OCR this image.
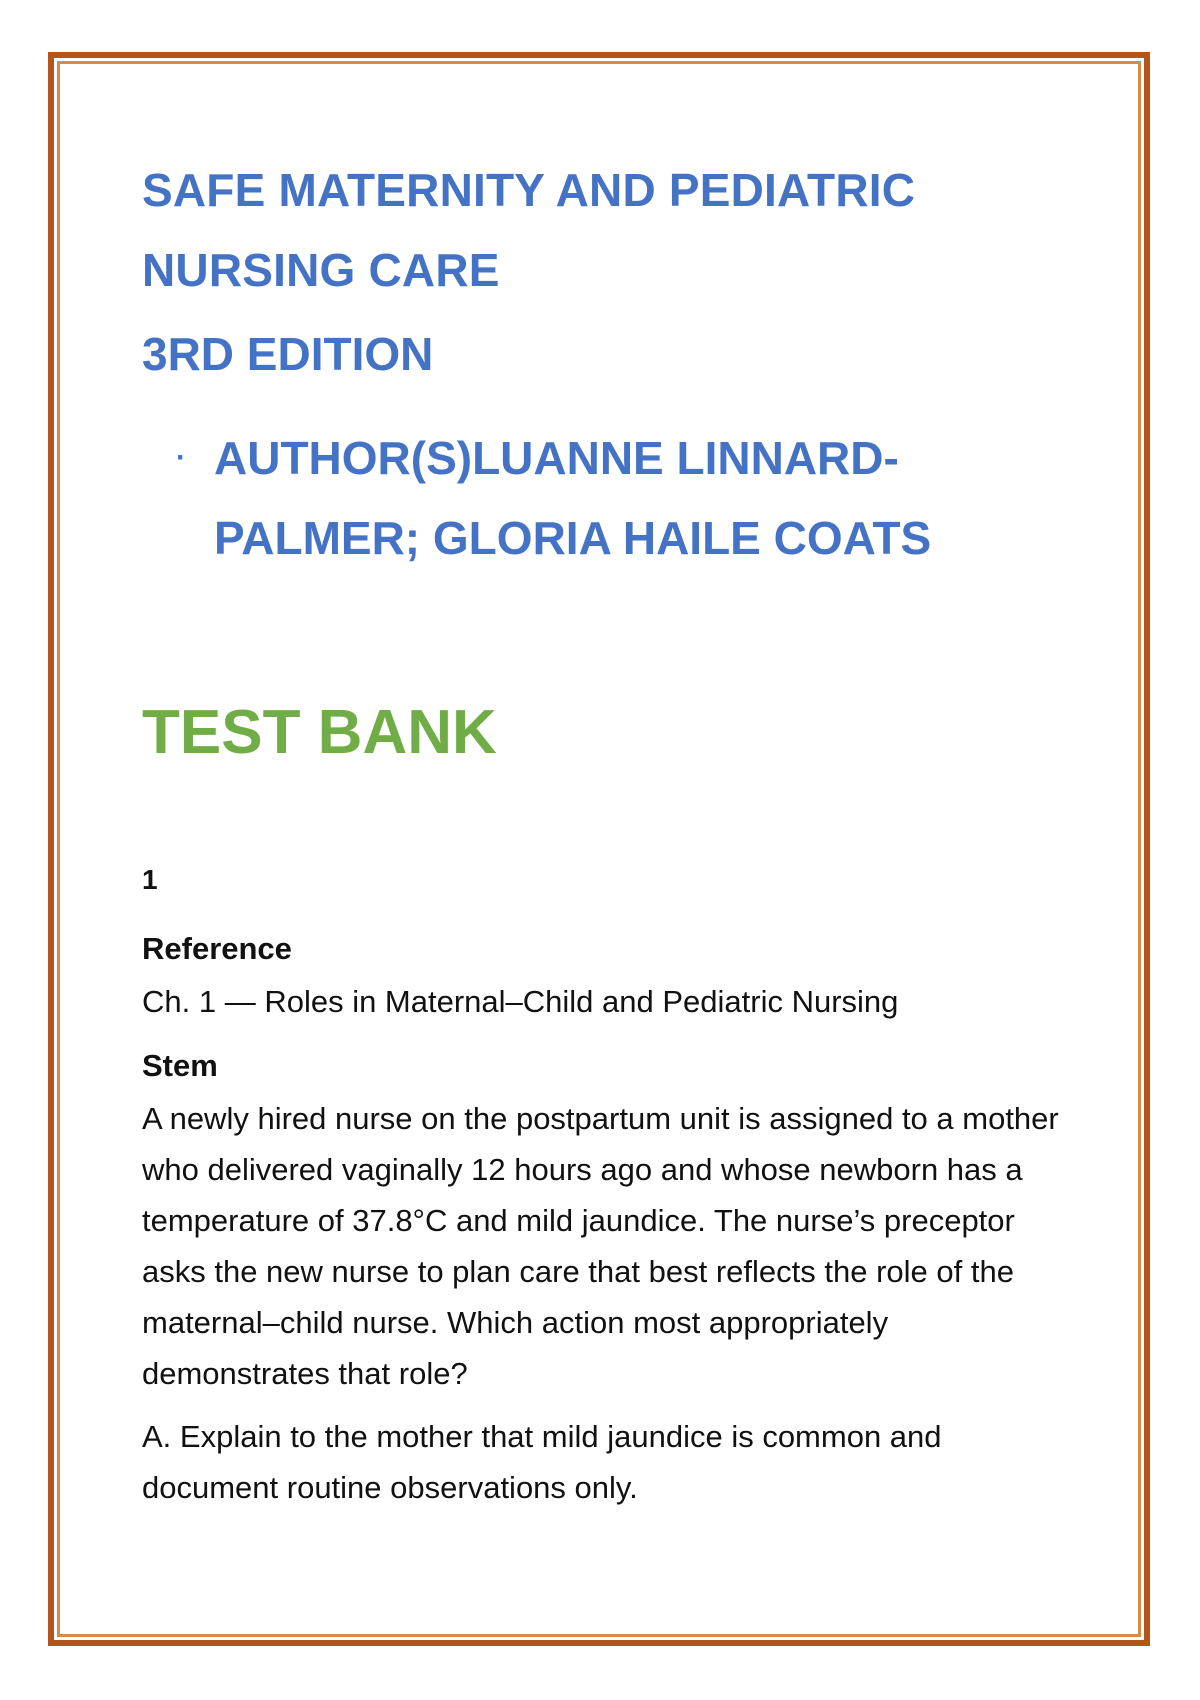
SAFE MATERNITY AND PEDIATRIC NURSING CARE
3RD EDITION
· AUTHOR(S)LUANNE LINNARD-PALMER; GLORIA HAILE COATS
TEST BANK
1
Reference
Ch. 1 — Roles in Maternal–Child and Pediatric Nursing
Stem
A newly hired nurse on the postpartum unit is assigned to a mother who delivered vaginally 12 hours ago and whose newborn has a temperature of 37.8°C and mild jaundice. The nurse’s preceptor asks the new nurse to plan care that best reflects the role of the maternal–child nurse. Which action most appropriately demonstrates that role?
A. Explain to the mother that mild jaundice is common and document routine observations only.
